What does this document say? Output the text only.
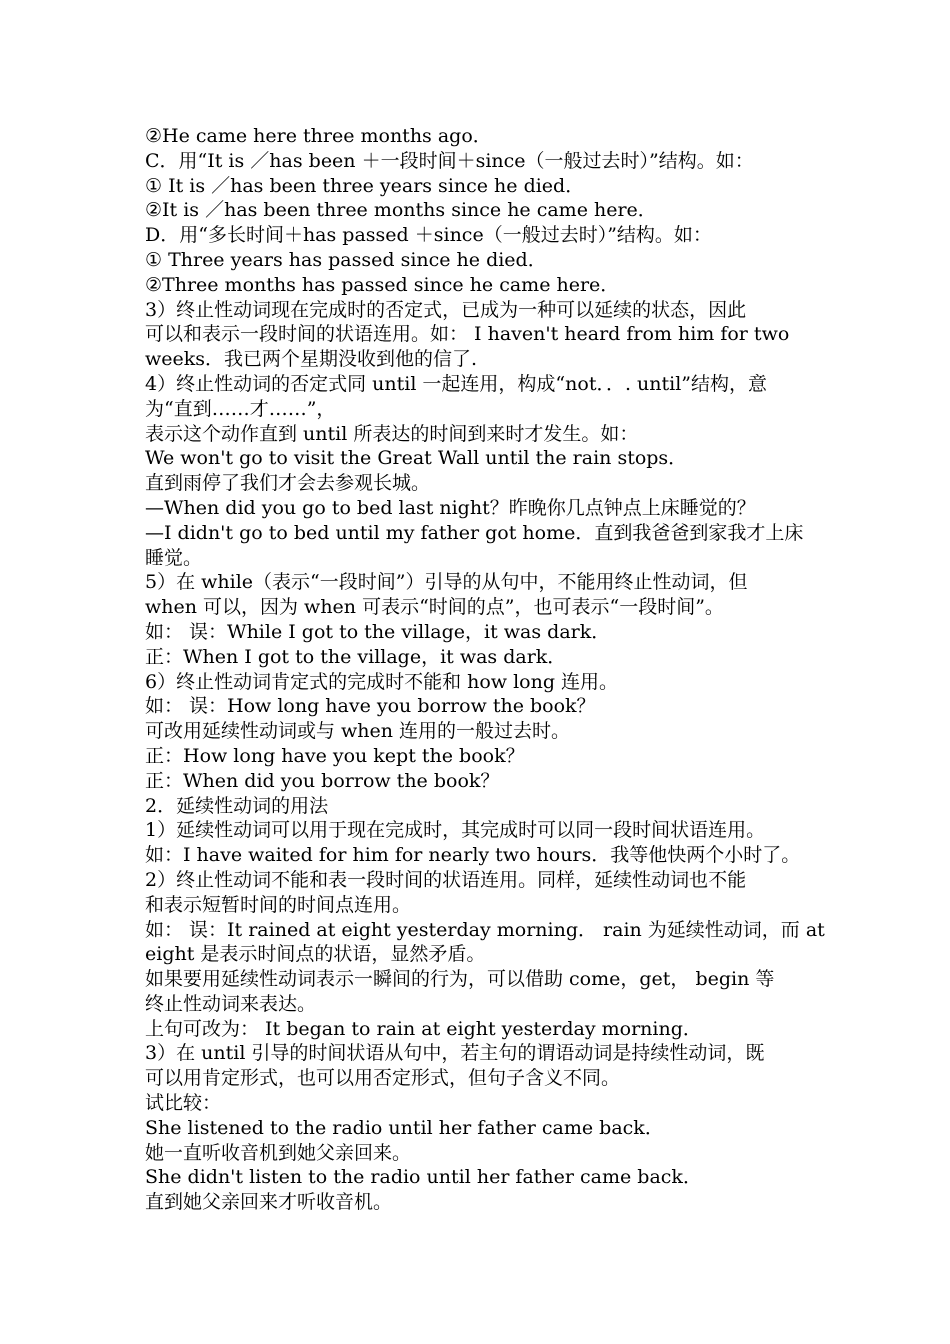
②He came here three months ago．
C．用“It is ／has been ＋一段时间＋since（一般过去时）”结构。如：
① It is ／has been three years since he died．
②It is ／has been three months since he came here．
D．用“多长时间＋has passed ＋since（一般过去时）”结构。如：
① Three years has passed since he died．
②Three months has passed since he came here．
3）终止性动词现在完成时的否定式，已成为一种可以延续的状态，因此
可以和表示一段时间的状语连用。如： I haven't heard from him for two
weeks．我已两个星期没收到他的信了.
4）终止性动词的否定式同 until 一起连用，构成“not．．. until”结构，意
为“直到……才……”，
表示这个动作直到 until 所表达的时间到来时才发生。如：
We won't go to visit the Great Wall until the rain stops．
直到雨停了我们才会去参观长城。
—When did you go to bed last night？昨晚你几点钟点上床睡觉的？
—I didn't go to bed until my father got home．直到我爸爸到家我才上床
睡觉。
5）在 while（表示“一段时间”）引导的从句中，不能用终止性动词，但
when 可以，因为 when 可表示“时间的点”，也可表示“一段时间”。
如： 误：While I got to the village，it was dark．
正：When I got to the village，it was dark．
6）终止性动词肯定式的完成时不能和 how long 连用。
如： 误：How long have you borrow the book？
可改用延续性动词或与 when 连用的一般过去时。
正：How long have you kept the book？
正：When did you borrow the book？
2．延续性动词的用法
1）延续性动词可以用于现在完成时，其完成时可以同一段时间状语连用。
如：I have waited for him for nearly two hours．我等他快两个小时了。
2）终止性动词不能和表一段时间的状语连用。同样，延续性动词也不能
和表示短暂时间的时间点连用。
如： 误：It rained at eight yesterday morning． rain 为延续性动词，而 at
eight 是表示时间点的状语，显然矛盾。
如果要用延续性动词表示一瞬间的行为，可以借助 come，get， begin 等
终止性动词来表达。
上句可改为： It began to rain at eight yesterday morning．
3）在 until 引导的时间状语从句中，若主句的谓语动词是持续性动词，既
可以用肯定形式，也可以用否定形式，但句子含义不同。
试比较：
She listened to the radio until her father came back．
她一直听收音机到她父亲回来。
She didn't listen to the radio until her father came back．
直到她父亲回来才听收音机。
